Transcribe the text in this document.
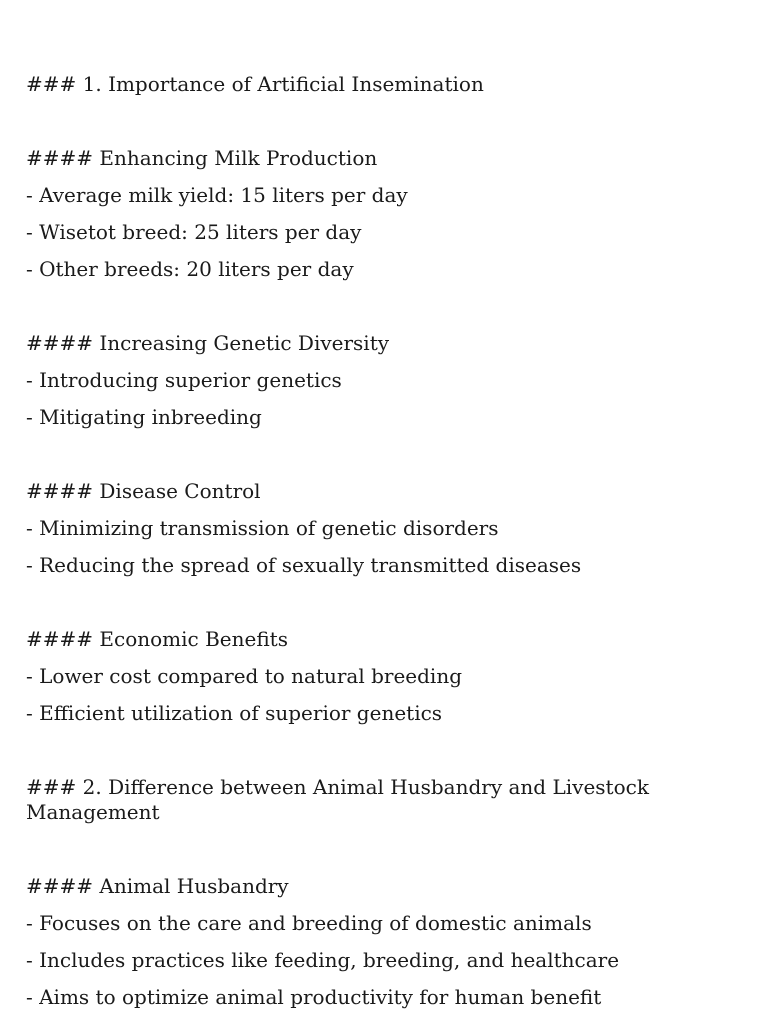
### 1. Importance of Artificial Insemination
#### Enhancing Milk Production
- Average milk yield: 15 liters per day
- Wisetot breed: 25 liters per day
- Other breeds: 20 liters per day
#### Increasing Genetic Diversity
- Introducing superior genetics
- Mitigating inbreeding
#### Disease Control
- Minimizing transmission of genetic disorders
- Reducing the spread of sexually transmitted diseases
#### Economic Benefits
- Lower cost compared to natural breeding
- Efficient utilization of superior genetics
### 2. Difference between Animal Husbandry and Livestock Management
#### Animal Husbandry
- Focuses on the care and breeding of domestic animals
- Includes practices like feeding, breeding, and healthcare
- Aims to optimize animal productivity for human benefit
